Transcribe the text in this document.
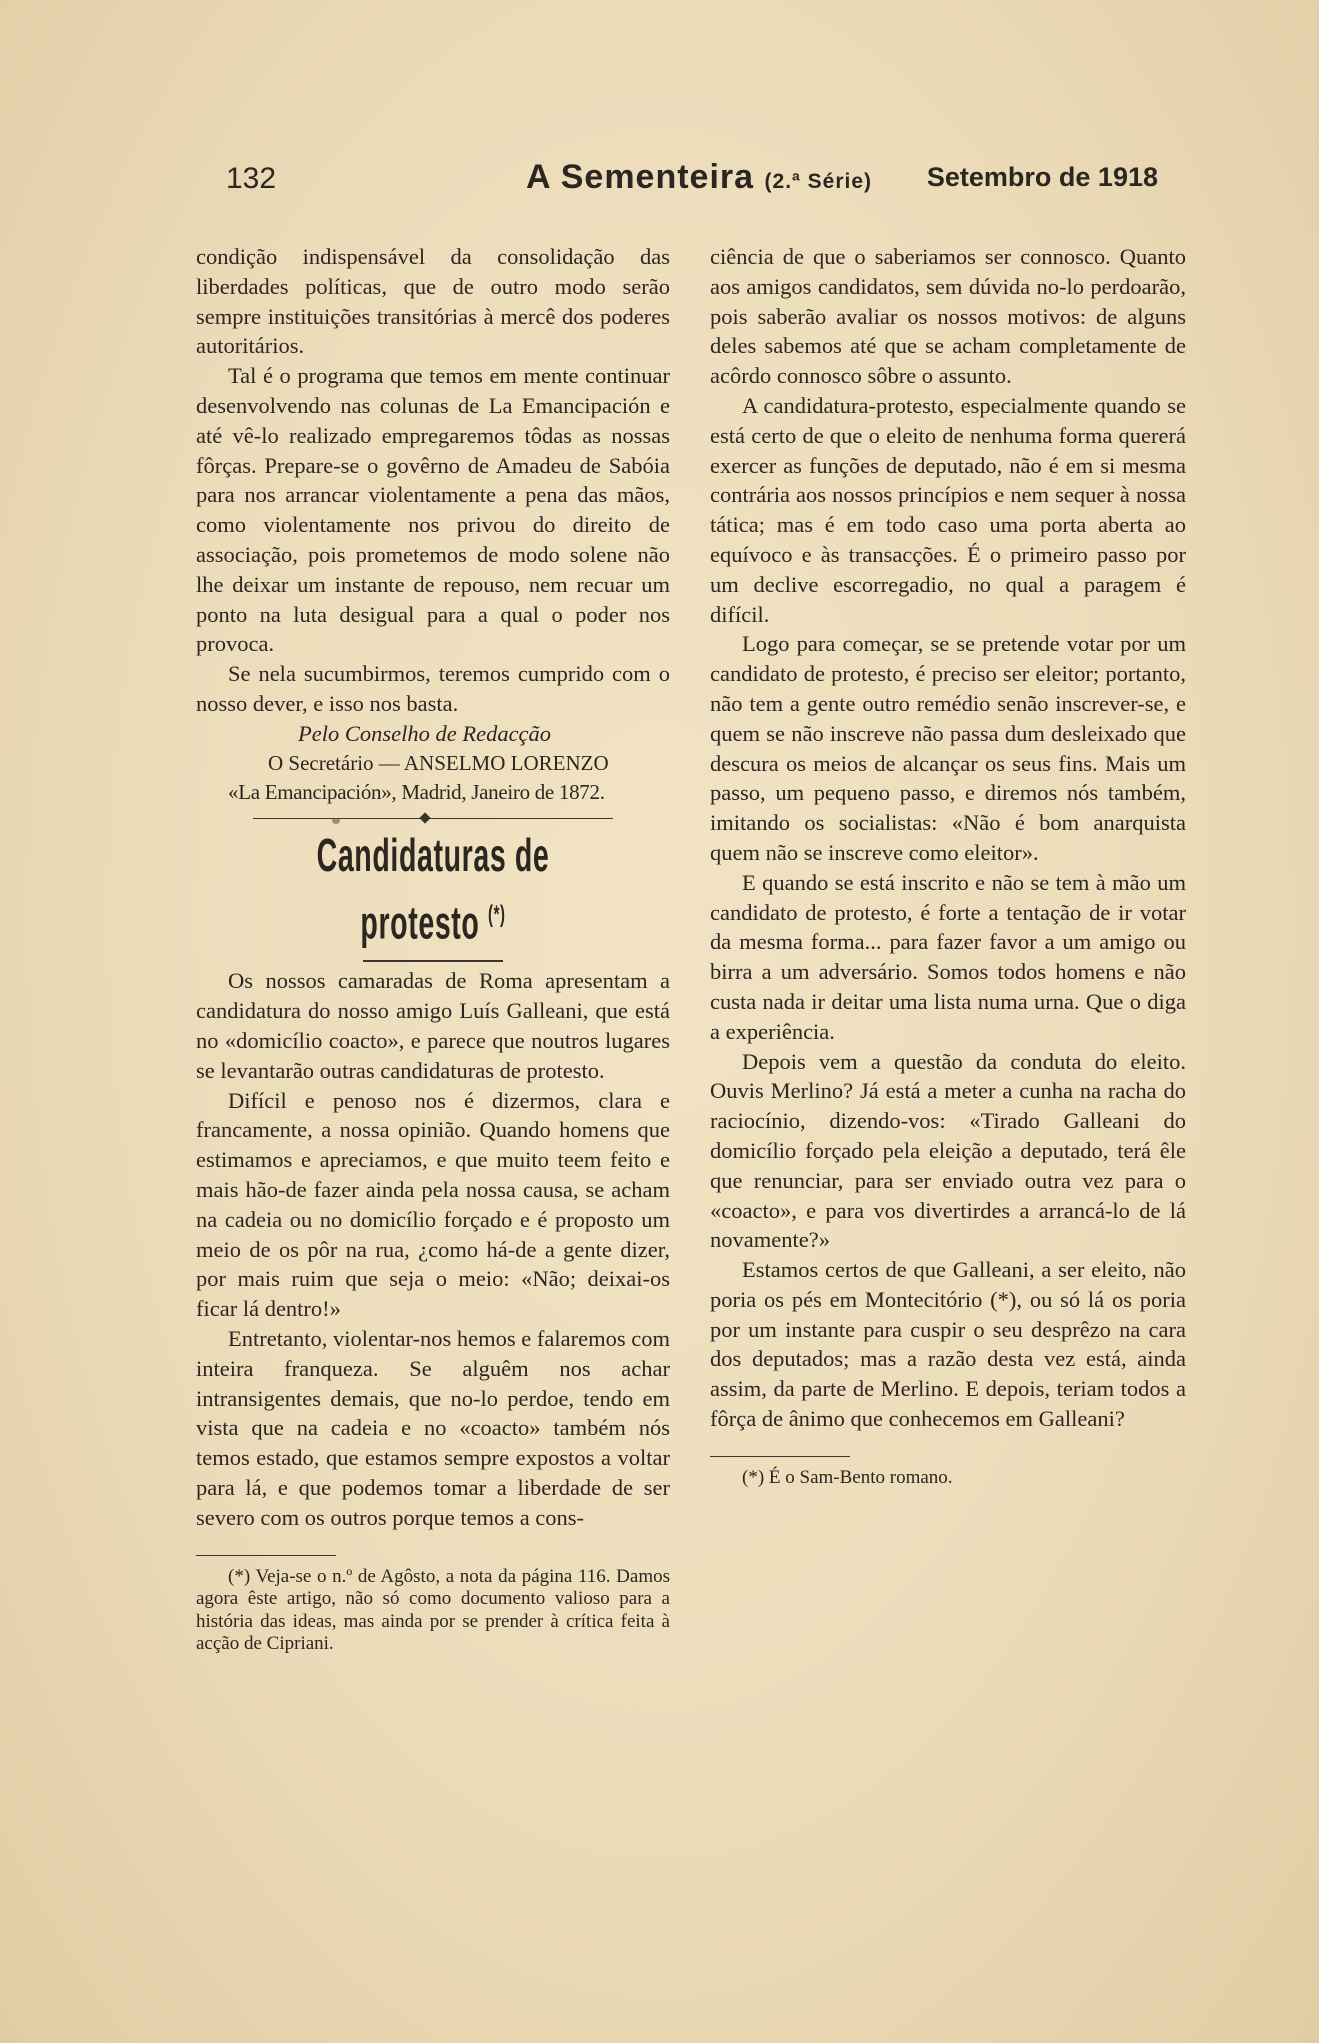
132	A Sementeira (2.ª Série) Setembro de 1918

condição indispensável da consolidação das liberdades políticas, que de outro modo serão sempre instituições transitórias à mercê dos poderes autoritários.

Tal é o programa que temos em mente continuar desenvolvendo nas colunas de La Emancipación e até vê-lo realizado empregaremos tôdas as nossas fôrças. Prepare-se o govêrno de Amadeu de Sabóia para nos arrancar violentamente a pena das mãos, como violentamente nos privou do direito de associação, pois prometemos de modo solene não lhe deixar um instante de repouso, nem recuar um ponto na luta desigual para a qual o poder nos provoca.

Se nela sucumbirmos, teremos cumprido com o nosso dever, e isso nos basta.

Pelo Conselho de Redacção

O Secretário — ANSELMO LORENZO

«La Emancipación», Madrid, Janeiro de 1872.

Candidaturas de protesto (*)

Os nossos camaradas de Roma apresentam a candidatura do nosso amigo Luís Galleani, que está no «domicílio coacto», e parece que noutros lugares se levantarão outras candidaturas de protesto.

Difícil e penoso nos é dizermos, clara e francamente, a nossa opinião. Quando homens que estimamos e apreciamos, e que muito teem feito e mais hão-de fazer ainda pela nossa causa, se acham na cadeia ou no domicílio forçado e é proposto um meio de os pôr na rua, ¿como há-de a gente dizer, por mais ruim que seja o meio: «Não; deixai-os ficar lá dentro!»

Entretanto, violentar-nos hemos e falaremos com inteira franqueza. Se alguêm nos achar intransigentes demais, que no-lo perdoe, tendo em vista que na cadeia e no «coacto» também nós temos estado, que estamos sempre expostos a voltar para lá, e que podemos tomar a liberdade de ser severo com os outros porque temos a cons-

(*) Veja-se o n.º de Agôsto, a nota da página 116. Damos agora êste artigo, não só como documento valioso para a história das ideas, mas ainda por se prender à crítica feita à acção de Cipriani.

ciência de que o saberiamos ser connosco. Quanto aos amigos candidatos, sem dúvida no-lo perdoarão, pois saberão avaliar os nossos motivos: de alguns deles sabemos até que se acham completamente de acôrdo connosco sôbre o assunto.

A candidatura-protesto, especialmente quando se está certo de que o eleito de nenhuma forma quererá exercer as funções de deputado, não é em si mesma contrária aos nossos princípios e nem sequer à nossa tática; mas é em todo caso uma porta aberta ao equívoco e às transacções. É o primeiro passo por um declive escorregadio, no qual a paragem é difícil.

Logo para começar, se se pretende votar por um candidato de protesto, é preciso ser eleitor; portanto, não tem a gente outro remédio senão inscrever-se, e quem se não inscreve não passa dum desleixado que descura os meios de alcançar os seus fins. Mais um passo, um pequeno passo, e diremos nós também, imitando os socialistas: «Não é bom anarquista quem não se inscreve como eleitor».

E quando se está inscrito e não se tem à mão um candidato de protesto, é forte a tentação de ir votar da mesma forma... para fazer favor a um amigo ou birra a um adversário. Somos todos homens e não custa nada ir deitar uma lista numa urna. Que o diga a experiência.

Depois vem a questão da conduta do eleito. Ouvis Merlino? Já está a meter a cunha na racha do raciocínio, dizendo-vos: «Tirado Galleani do domicílio forçado pela eleição a deputado, terá êle que renunciar, para ser enviado outra vez para o «coacto», e para vos divertirdes a arrancá-lo de lá novamente?»

Estamos certos de que Galleani, a ser eleito, não poria os pés em Montecitório (*), ou só lá os poria por um instante para cuspir o seu desprêzo na cara dos deputados; mas a razão desta vez está, ainda assim, da parte de Merlino. E depois, teriam todos a fôrça de ânimo que conhecemos em Galleani?

(*) É o Sam-Bento romano.
